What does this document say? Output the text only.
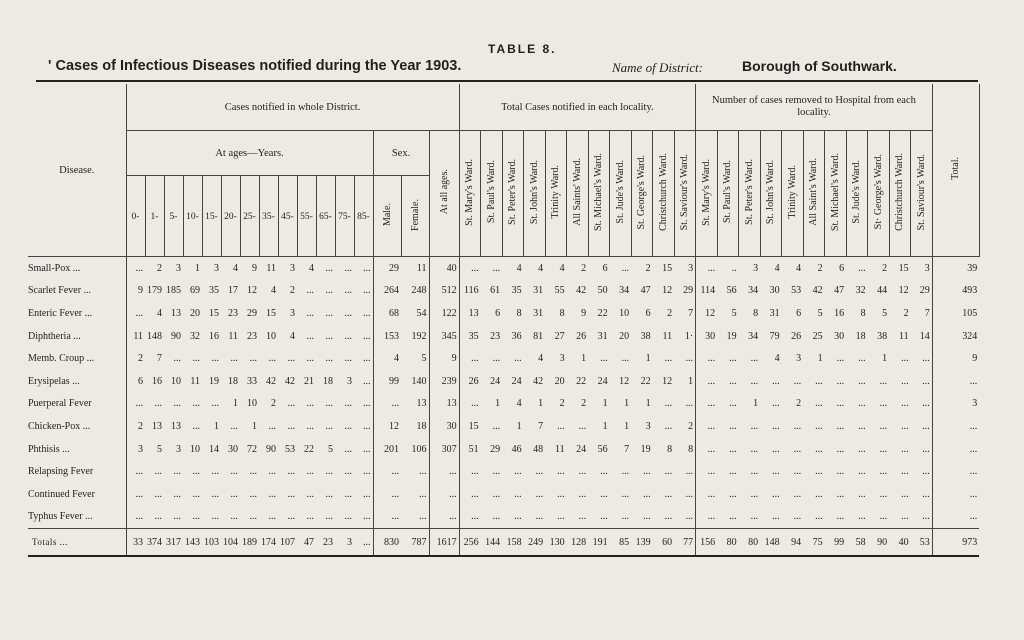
TABLE 8.
' Cases of Infectious Diseases notified during the Year 1903.	Name of District:	Borough of Southwark.
Disease.	Cases notified in whole District.																Total Cases notified in each locality.											Number of cases removed to Hospital from each locality.											Total.
	At ages—Years.													Sex.		At all ages.	St. Mary's Ward.	St. Paul's Ward.	St. Peter's Ward.	St. John's Ward.	Trinity Ward.	All Saints' Ward.	St. Michael's Ward.	St. Jude's Ward.	St. George's Ward.	Christchurch Ward.	St. Saviour's Ward.	St. Mary's Ward.	St. Paul's Ward.	St. Peter's Ward.	St. John's Ward.	Trinity Ward.	All Saint's Ward.	St. Michael's Ward.	St. Jude's Ward.	St· George's Ward.	Christchurch Ward.	St. Saviour's Ward.	
	0-	1-	5-	10-	15-	20-	25-	35-	45-	55-	65-	75-	85-	Male.	Female.																								
Small-Pox ...	...	2	3	1	3	4	9	11	3	4	...	...	...	29	11	40	...	...	4	4	4	2	6	...	2	15	3	...	..	3	4	4	2	6	...	2	15	3	39
Scarlet Fever ...	9	179	185	69	35	17	12	4	2	...	...	...	...	264	248	512	116	61	35	31	55	42	50	34	47	12	29	114	56	34	30	53	42	47	32	44	12	29	493
Enteric Fever ...	...	4	13	20	15	23	29	15	3	...	...	...	...	68	54	122	13	6	8	31	8	9	22	10	6	2	7	12	5	8	31	6	5	16	8	5	2	7	105
Diphtheria ...	11	148	90	32	16	11	23	10	4	...	...	...	...	153	192	345	35	23	36	81	27	26	31	20	38	11	1·	30	19	34	79	26	25	30	18	38	11	14	324
Memb. Croup ...	2	7	...	...	...	...	...	...	...	...	...	...	...	4	5	9	...	...	...	4	3	1	...	...	1	...	...	...	...	...	4	3	1	...	...	1	...	...	9
Erysipelas ...	6	16	10	11	19	18	33	42	42	21	18	3	...	99	140	239	26	24	24	42	20	22	24	12	22	12	1	...	...	...	...	...	...	...	...	...	...	...	...
Puerperal Fever	...	...	...	...	...	1	10	2	...	...	...	...	...	...	13	13	...	1	4	1	2	2	1	1	1	...	...	...	...	1	...	2	...	...	...	...	...	...	3
Chicken-Pox ...	2	13	13	...	1	...	1	...	...	...	...	...	...	12	18	30	15	...	1	7	...	...	1	1	3	...	2	...	...	...	...	...	...	...	...	...	...	...	...
Phthisis ...	3	5	3	10	14	30	72	90	53	22	5	...	...	201	106	307	51	29	46	48	11	24	56	7	19	8	8	...	...	...	...	...	...	...	...	...	...	...	...
Relapsing Fever	...	...	...	...	...	...	...	...	...	...	...	...	...	...	...	...	...	...	...	...	...	...	...	...	...	...	...	...	...	...	...	...	...	...	...	...	...	...	...
Continued Fever	...	...	...	...	...	...	...	...	...	...	...	...	...	...	...	...	...	...	...	...	...	...	...	...	...	...	...	...	...	...	...	...	...	...	...	...	...	...	...
Typhus Fever ...	...	...	...	...	...	...	...	...	...	...	...	...	...	...	...	...	...	...	...	...	...	...	...	...	...	...	...	...	...	...	...	...	...	...	...	...	...	...	...
Totals ...	33	374	317	143	103	104	189	174	107	47	23	3	...	830	787	1617	256	144	158	249	130	128	191	85	139	60	77	156	80	80	148	94	75	99	58	90	40	53	973
